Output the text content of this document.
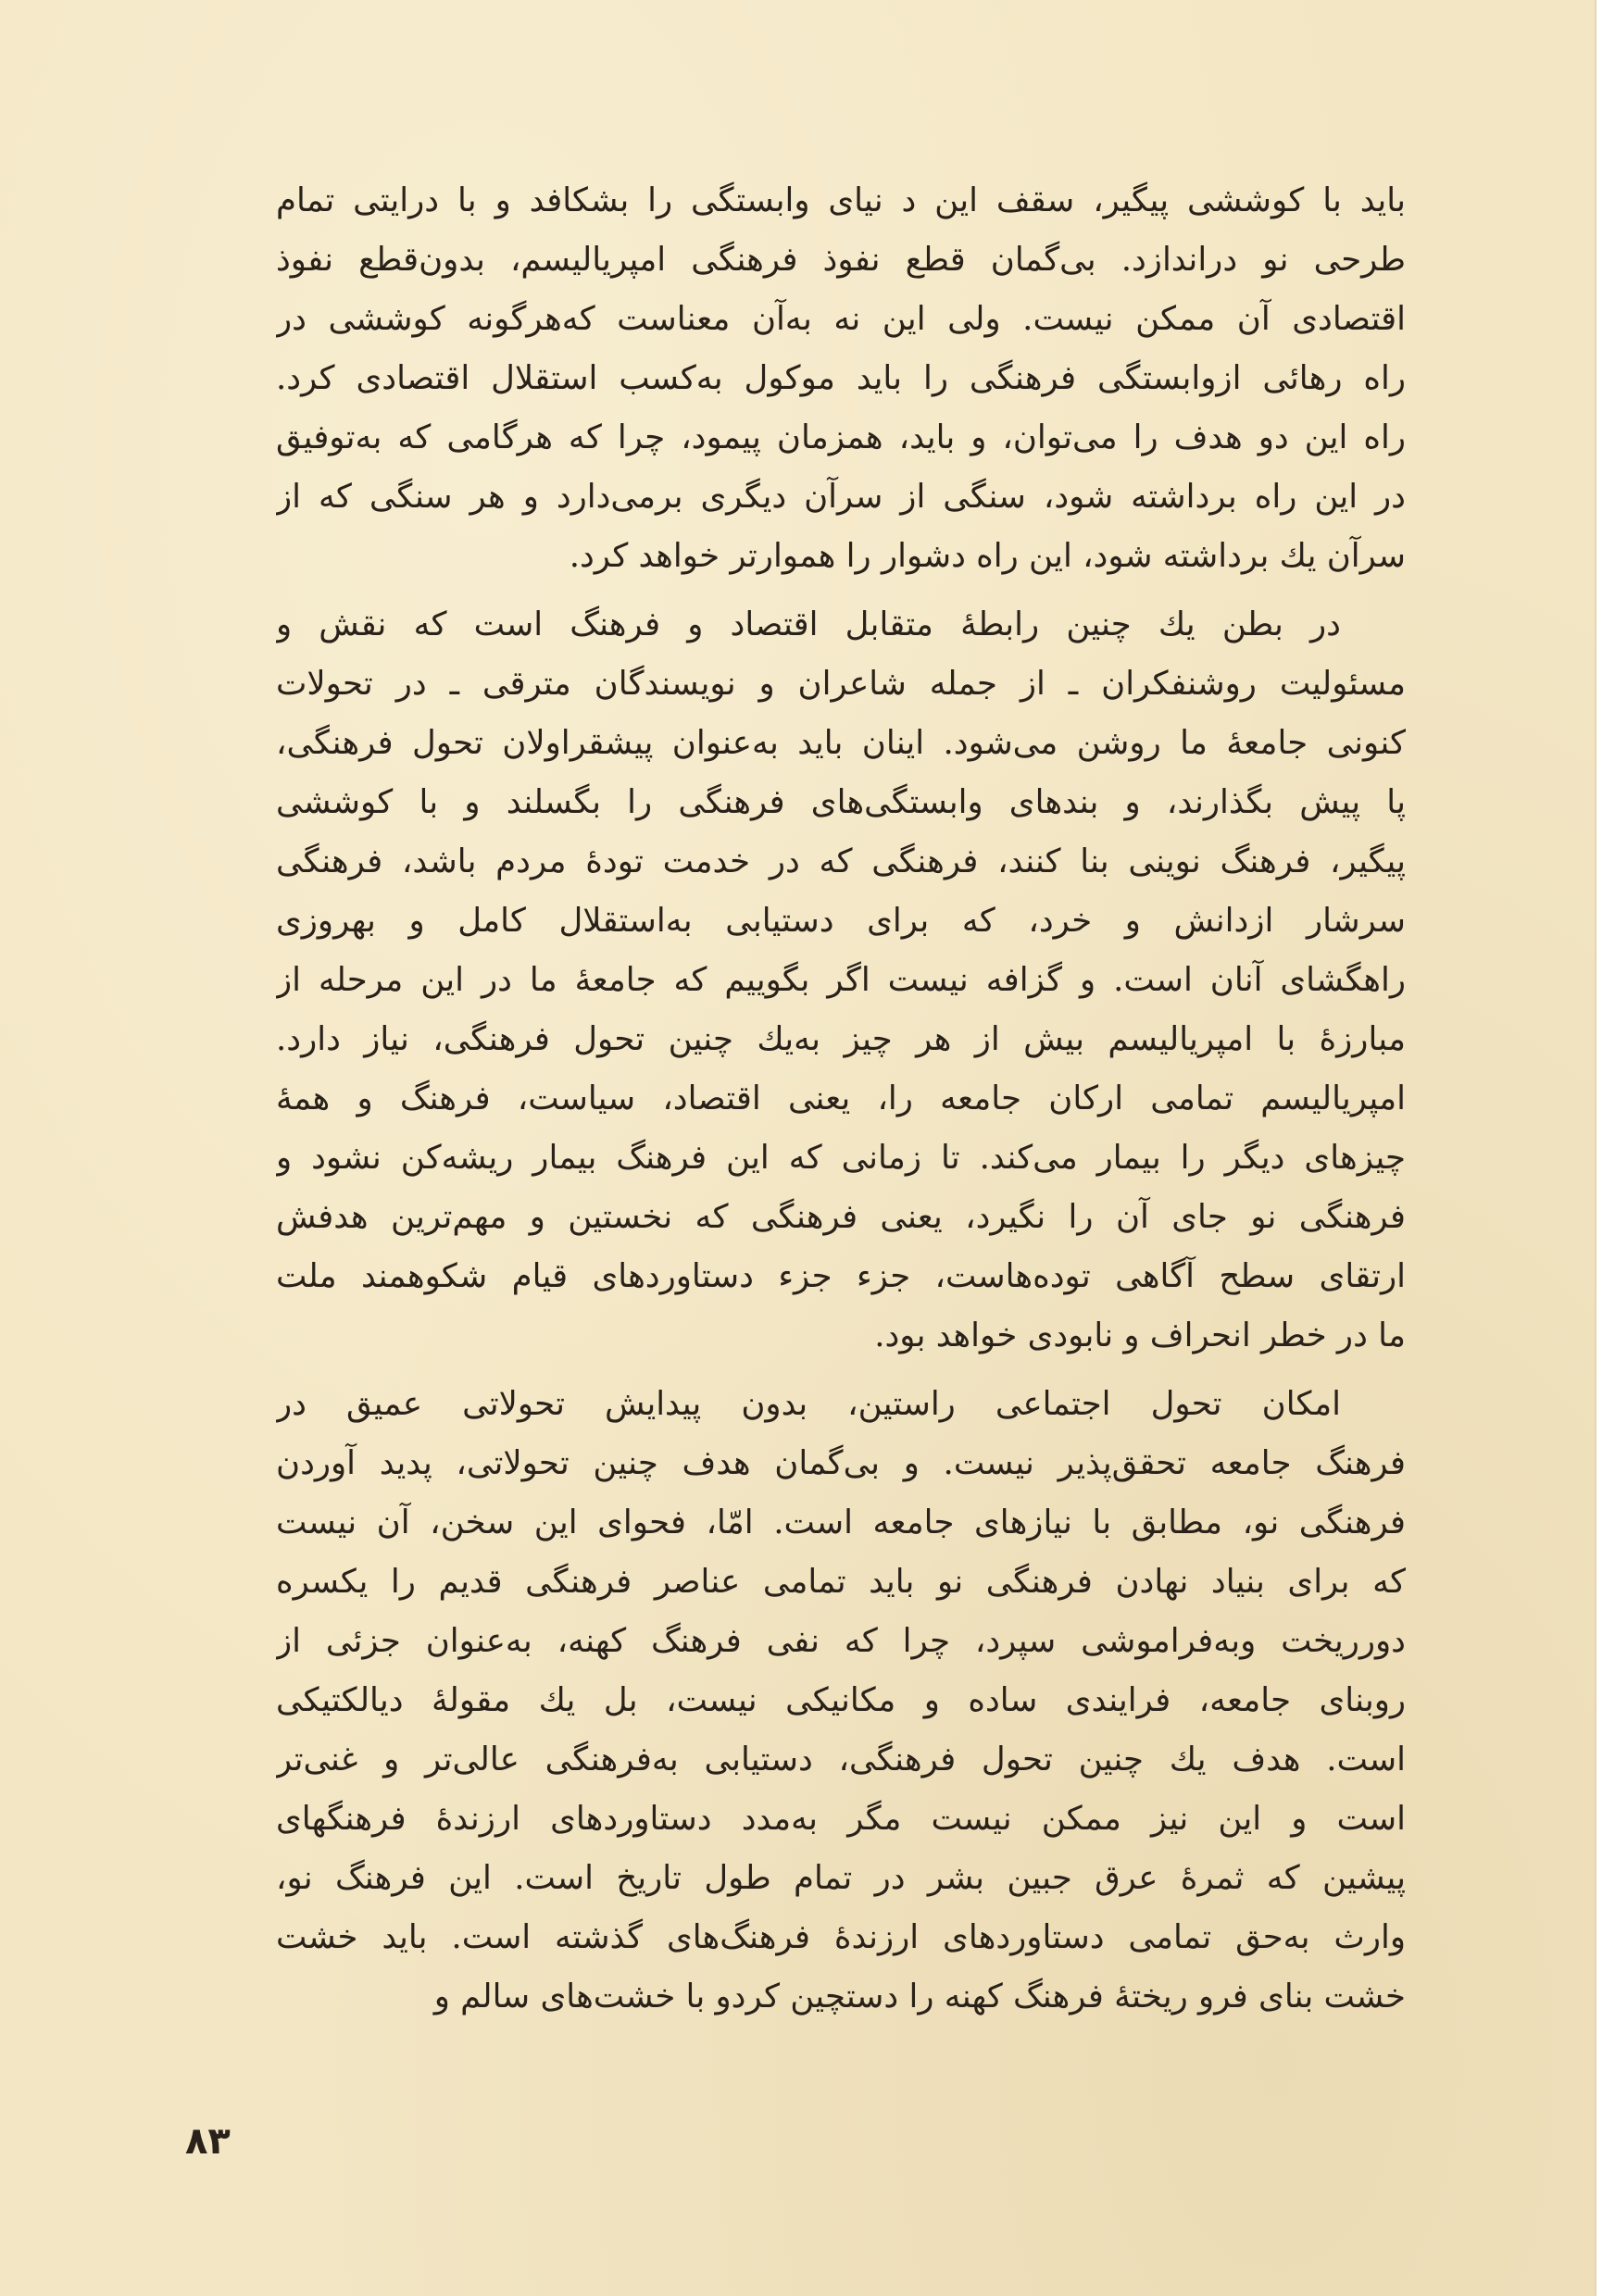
باید با کوششی پیگیر، سقف این د نیای وابستگی را بشکافد و با درایتی تمام
طرحی نو دراندازد. بی‌گمان قطع نفوذ فرهنگی امپریالیسم، بدون‌قطع نفوذ
اقتصادی آن ممکن نیست. ولی این نه به‌آن معناست که‌هرگونه کوششی در
راه رهائی ازوابستگی فرهنگی را باید موکول به‌کسب استقلال اقتصادی کرد.
راه این دو هدف را می‌توان، و باید، همزمان پیمود، چرا که هرگامی که به‌توفیق
در این راه برداشته شود، سنگی از سرآن دیگری برمی‌دارد و هر سنگی که از
سرآن یك برداشته شود، این راه دشوار را هموارتر خواهد کرد.
در بطن یك چنین رابطهٔ متقابل اقتصاد و فرهنگ است که نقش و
مسئولیت روشنفکران ـ از جمله شاعران و نویسندگان مترقی ـ در تحولات
کنونی جامعهٔ ما روشن می‌شود. اینان باید به‌عنوان پیشقراولان تحول فرهنگی،
پا پیش بگذارند، و بندهای وابستگی‌های فرهنگی را بگسلند و با کوششی
پیگیر، فرهنگ نوینی بنا کنند، فرهنگی که در خدمت تودهٔ مردم باشد، فرهنگی
سرشار ازدانش و خرد، که برای دستیابی به‌استقلال کامل و بهروزی
راهگشای آنان است. و گزافه نیست اگر بگوییم که جامعهٔ ما در این مرحله از
مبارزهٔ با امپریالیسم بیش از هر چیز به‌یك چنین تحول فرهنگی، نیاز دارد.
امپریالیسم تمامی ارکان جامعه را، یعنی اقتصاد، سیاست، فرهنگ و همهٔ
چیزهای دیگر را بیمار می‌کند. تا زمانی که این فرهنگ بیمار ریشه‌کن نشود و
فرهنگی نو جای آن را نگیرد، یعنی فرهنگی که نخستین و مهم‌ترین هدفش
ارتقای سطح آگاهی توده‌هاست، جزء جزء دستاوردهای قیام شکوهمند ملت
ما در خطر انحراف و نابودی خواهد بود.
امکان تحول اجتماعی راستین، بدون پیدایش تحولاتی عمیق در
فرهنگ جامعه تحقق‌پذیر نیست. و بی‌گمان هدف چنین تحولاتی، پدید آوردن
فرهنگی نو، مطابق با نیازهای جامعه است. امّا، فحوای این سخن، آن نیست
که برای بنیاد نهادن فرهنگی نو باید تمامی عناصر فرهنگی قدیم را یکسره
دورریخت وبه‌فراموشی سپرد، چرا که نفی فرهنگ کهنه، به‌عنوان جزئی از
روبنای جامعه، فرایندی ساده و مکانیکی نیست، بل یك مقولهٔ دیالکتیکی
است. هدف یك چنین تحول فرهنگی، دستیابی به‌فرهنگی عالی‌تر و غنی‌تر
است و این نیز ممکن نیست مگر به‌مدد دستاوردهای ارزندهٔ فرهنگهای
پیشین که ثمرهٔ عرق جبین بشر در تمام طول تاریخ است. این فرهنگ نو،
وارث به‌حق تمامی دستاوردهای ارزندهٔ فرهنگ‌های گذشته است. باید خشت
خشت بنای فرو ریختهٔ فرهنگ کهنه را دستچین کردو با خشت‌های سالم و
۸۳
